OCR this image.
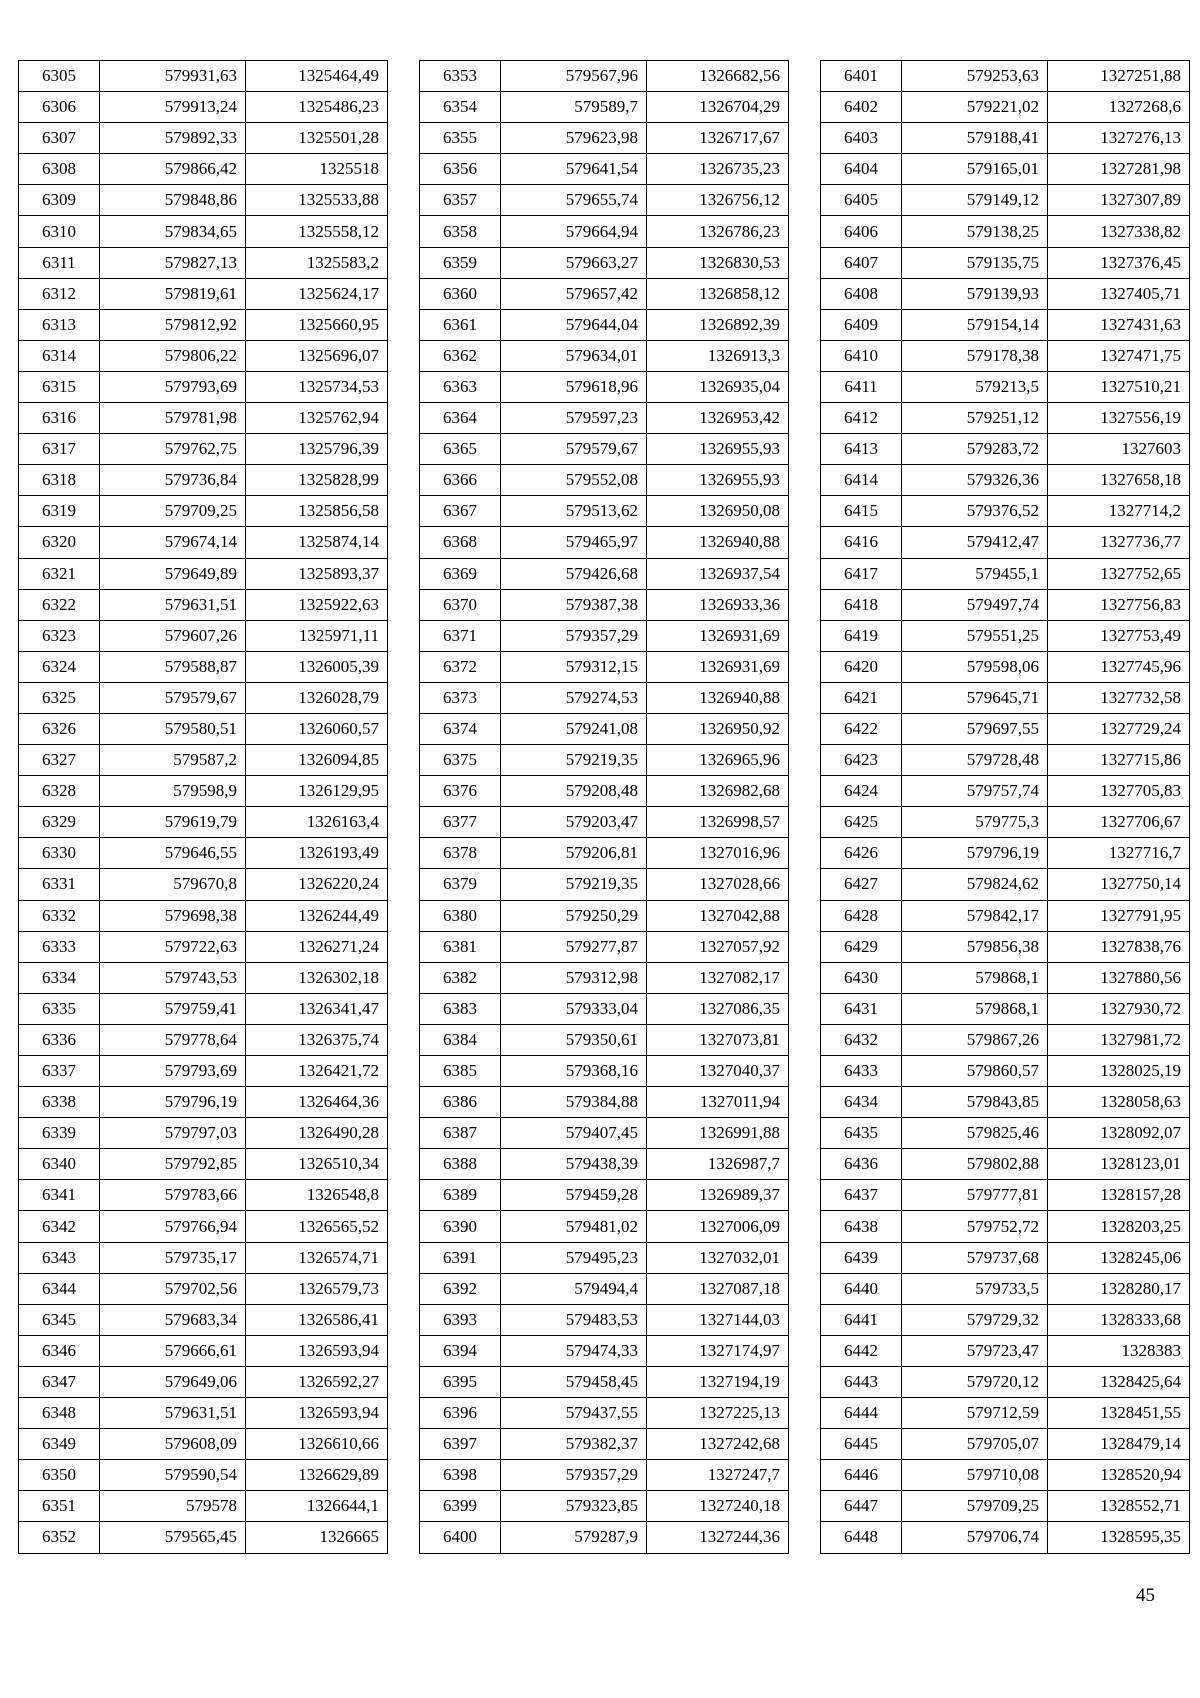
6305	579931,63	1325464,49
6306	579913,24	1325486,23
6307	579892,33	1325501,28
6308	579866,42	1325518
6309	579848,86	1325533,88
6310	579834,65	1325558,12
6311	579827,13	1325583,2
6312	579819,61	1325624,17
6313	579812,92	1325660,95
6314	579806,22	1325696,07
6315	579793,69	1325734,53
6316	579781,98	1325762,94
6317	579762,75	1325796,39
6318	579736,84	1325828,99
6319	579709,25	1325856,58
6320	579674,14	1325874,14
6321	579649,89	1325893,37
6322	579631,51	1325922,63
6323	579607,26	1325971,11
6324	579588,87	1326005,39
6325	579579,67	1326028,79
6326	579580,51	1326060,57
6327	579587,2	1326094,85
6328	579598,9	1326129,95
6329	579619,79	1326163,4
6330	579646,55	1326193,49
6331	579670,8	1326220,24
6332	579698,38	1326244,49
6333	579722,63	1326271,24
6334	579743,53	1326302,18
6335	579759,41	1326341,47
6336	579778,64	1326375,74
6337	579793,69	1326421,72
6338	579796,19	1326464,36
6339	579797,03	1326490,28
6340	579792,85	1326510,34
6341	579783,66	1326548,8
6342	579766,94	1326565,52
6343	579735,17	1326574,71
6344	579702,56	1326579,73
6345	579683,34	1326586,41
6346	579666,61	1326593,94
6347	579649,06	1326592,27
6348	579631,51	1326593,94
6349	579608,09	1326610,66
6350	579590,54	1326629,89
6351	579578	1326644,1
6352	579565,45	1326665
6353	579567,96	1326682,56
6354	579589,7	1326704,29
6355	579623,98	1326717,67
6356	579641,54	1326735,23
6357	579655,74	1326756,12
6358	579664,94	1326786,23
6359	579663,27	1326830,53
6360	579657,42	1326858,12
6361	579644,04	1326892,39
6362	579634,01	1326913,3
6363	579618,96	1326935,04
6364	579597,23	1326953,42
6365	579579,67	1326955,93
6366	579552,08	1326955,93
6367	579513,62	1326950,08
6368	579465,97	1326940,88
6369	579426,68	1326937,54
6370	579387,38	1326933,36
6371	579357,29	1326931,69
6372	579312,15	1326931,69
6373	579274,53	1326940,88
6374	579241,08	1326950,92
6375	579219,35	1326965,96
6376	579208,48	1326982,68
6377	579203,47	1326998,57
6378	579206,81	1327016,96
6379	579219,35	1327028,66
6380	579250,29	1327042,88
6381	579277,87	1327057,92
6382	579312,98	1327082,17
6383	579333,04	1327086,35
6384	579350,61	1327073,81
6385	579368,16	1327040,37
6386	579384,88	1327011,94
6387	579407,45	1326991,88
6388	579438,39	1326987,7
6389	579459,28	1326989,37
6390	579481,02	1327006,09
6391	579495,23	1327032,01
6392	579494,4	1327087,18
6393	579483,53	1327144,03
6394	579474,33	1327174,97
6395	579458,45	1327194,19
6396	579437,55	1327225,13
6397	579382,37	1327242,68
6398	579357,29	1327247,7
6399	579323,85	1327240,18
6400	579287,9	1327244,36
6401	579253,63	1327251,88
6402	579221,02	1327268,6
6403	579188,41	1327276,13
6404	579165,01	1327281,98
6405	579149,12	1327307,89
6406	579138,25	1327338,82
6407	579135,75	1327376,45
6408	579139,93	1327405,71
6409	579154,14	1327431,63
6410	579178,38	1327471,75
6411	579213,5	1327510,21
6412	579251,12	1327556,19
6413	579283,72	1327603
6414	579326,36	1327658,18
6415	579376,52	1327714,2
6416	579412,47	1327736,77
6417	579455,1	1327752,65
6418	579497,74	1327756,83
6419	579551,25	1327753,49
6420	579598,06	1327745,96
6421	579645,71	1327732,58
6422	579697,55	1327729,24
6423	579728,48	1327715,86
6424	579757,74	1327705,83
6425	579775,3	1327706,67
6426	579796,19	1327716,7
6427	579824,62	1327750,14
6428	579842,17	1327791,95
6429	579856,38	1327838,76
6430	579868,1	1327880,56
6431	579868,1	1327930,72
6432	579867,26	1327981,72
6433	579860,57	1328025,19
6434	579843,85	1328058,63
6435	579825,46	1328092,07
6436	579802,88	1328123,01
6437	579777,81	1328157,28
6438	579752,72	1328203,25
6439	579737,68	1328245,06
6440	579733,5	1328280,17
6441	579729,32	1328333,68
6442	579723,47	1328383
6443	579720,12	1328425,64
6444	579712,59	1328451,55
6445	579705,07	1328479,14
6446	579710,08	1328520,94
6447	579709,25	1328552,71
6448	579706,74	1328595,35
45
